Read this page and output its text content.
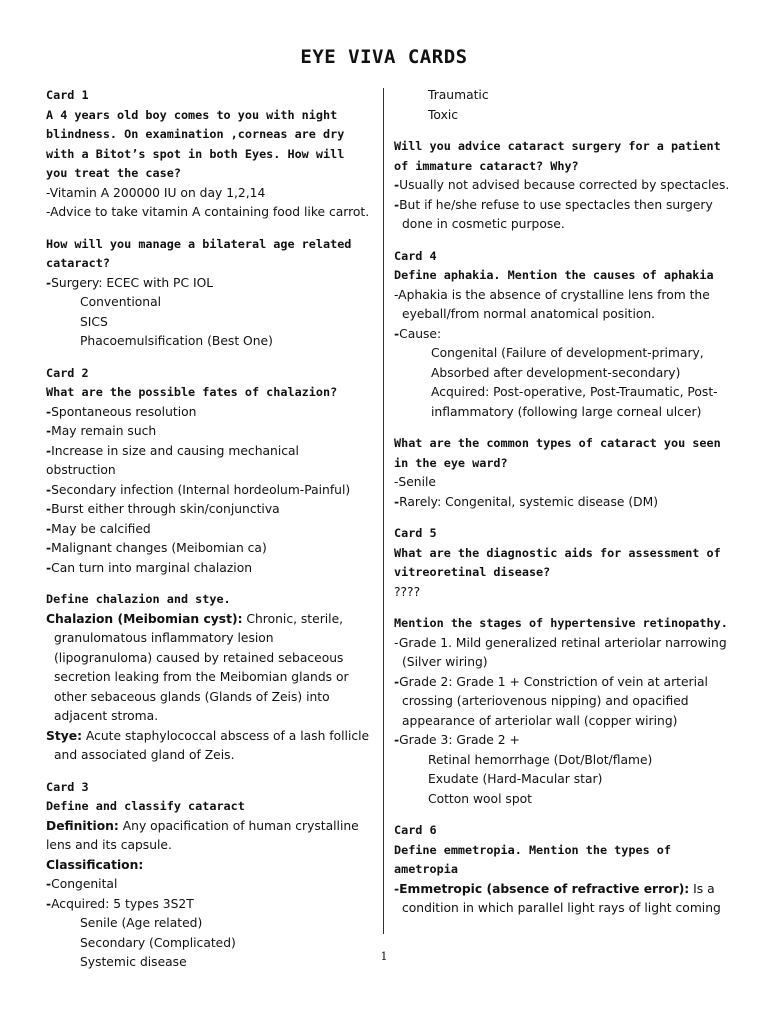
EYE VIVA CARDS
Card 1
A 4 years old boy comes to you with night blindness. On examination ,corneas are dry with a Bitot’s spot in both Eyes. How will you treat the case?
-Vitamin A 200000 IU on day 1,2,14
-Advice to take vitamin A containing food like carrot.
How will you manage a bilateral age related cataract?
-Surgery: ECEC with PC IOL
Conventional
SICS
Phacoemulsification (Best One)
Card 2
What are the possible fates of chalazion?
-Spontaneous resolution
-May remain such
-Increase in size and causing mechanical obstruction
-Secondary infection (Internal hordeolum-Painful)
-Burst either through skin/conjunctiva
-May be calcified
-Malignant changes (Meibomian ca)
-Can turn into marginal chalazion
Define chalazion and stye.
Chalazion (Meibomian cyst): Chronic, sterile, granulomatous inflammatory lesion (lipogranuloma) caused by retained sebaceous secretion leaking from the Meibomian glands or other sebaceous glands (Glands of Zeis) into adjacent stroma.
Stye: Acute staphylococcal abscess of a lash follicle and associated gland of Zeis.
Card 3
Define and classify cataract
Definition: Any opacification of human crystalline lens and its capsule.
Classification:
-Congenital
-Acquired: 5 types 3S2T
Senile (Age related)
Secondary (Complicated)
Systemic disease
Traumatic
Toxic
Will you advice cataract surgery for a patient of immature cataract? Why?
-Usually not advised because corrected by spectacles.
-But if he/she refuse to use spectacles then surgery done in cosmetic purpose.
Card 4
Define aphakia. Mention the causes of aphakia
-Aphakia is the absence of crystalline lens from the eyeball/from normal anatomical position.
-Cause:
Congenital (Failure of development-primary, Absorbed after development-secondary)
Acquired: Post-operative, Post-Traumatic, Post-inflammatory (following large corneal ulcer)
What are the common types of cataract you seen in the eye ward?
-Senile
-Rarely: Congenital, systemic disease (DM)
Card 5
What are the diagnostic aids for assessment of vitreoretinal disease?
????
Mention the stages of hypertensive retinopathy.
-Grade 1. Mild generalized retinal arteriolar narrowing (Silver wiring)
-Grade 2: Grade 1 + Constriction of vein at arterial crossing (arteriovenous nipping) and opacified appearance of arteriolar wall (copper wiring)
-Grade 3: Grade 2 +
Retinal hemorrhage (Dot/Blot/flame)
Exudate (Hard-Macular star)
Cotton wool spot
Card 6
Define emmetropia. Mention the types of ametropia
-Emmetropic (absence of refractive error): Is a condition in which parallel light rays of light coming
1
